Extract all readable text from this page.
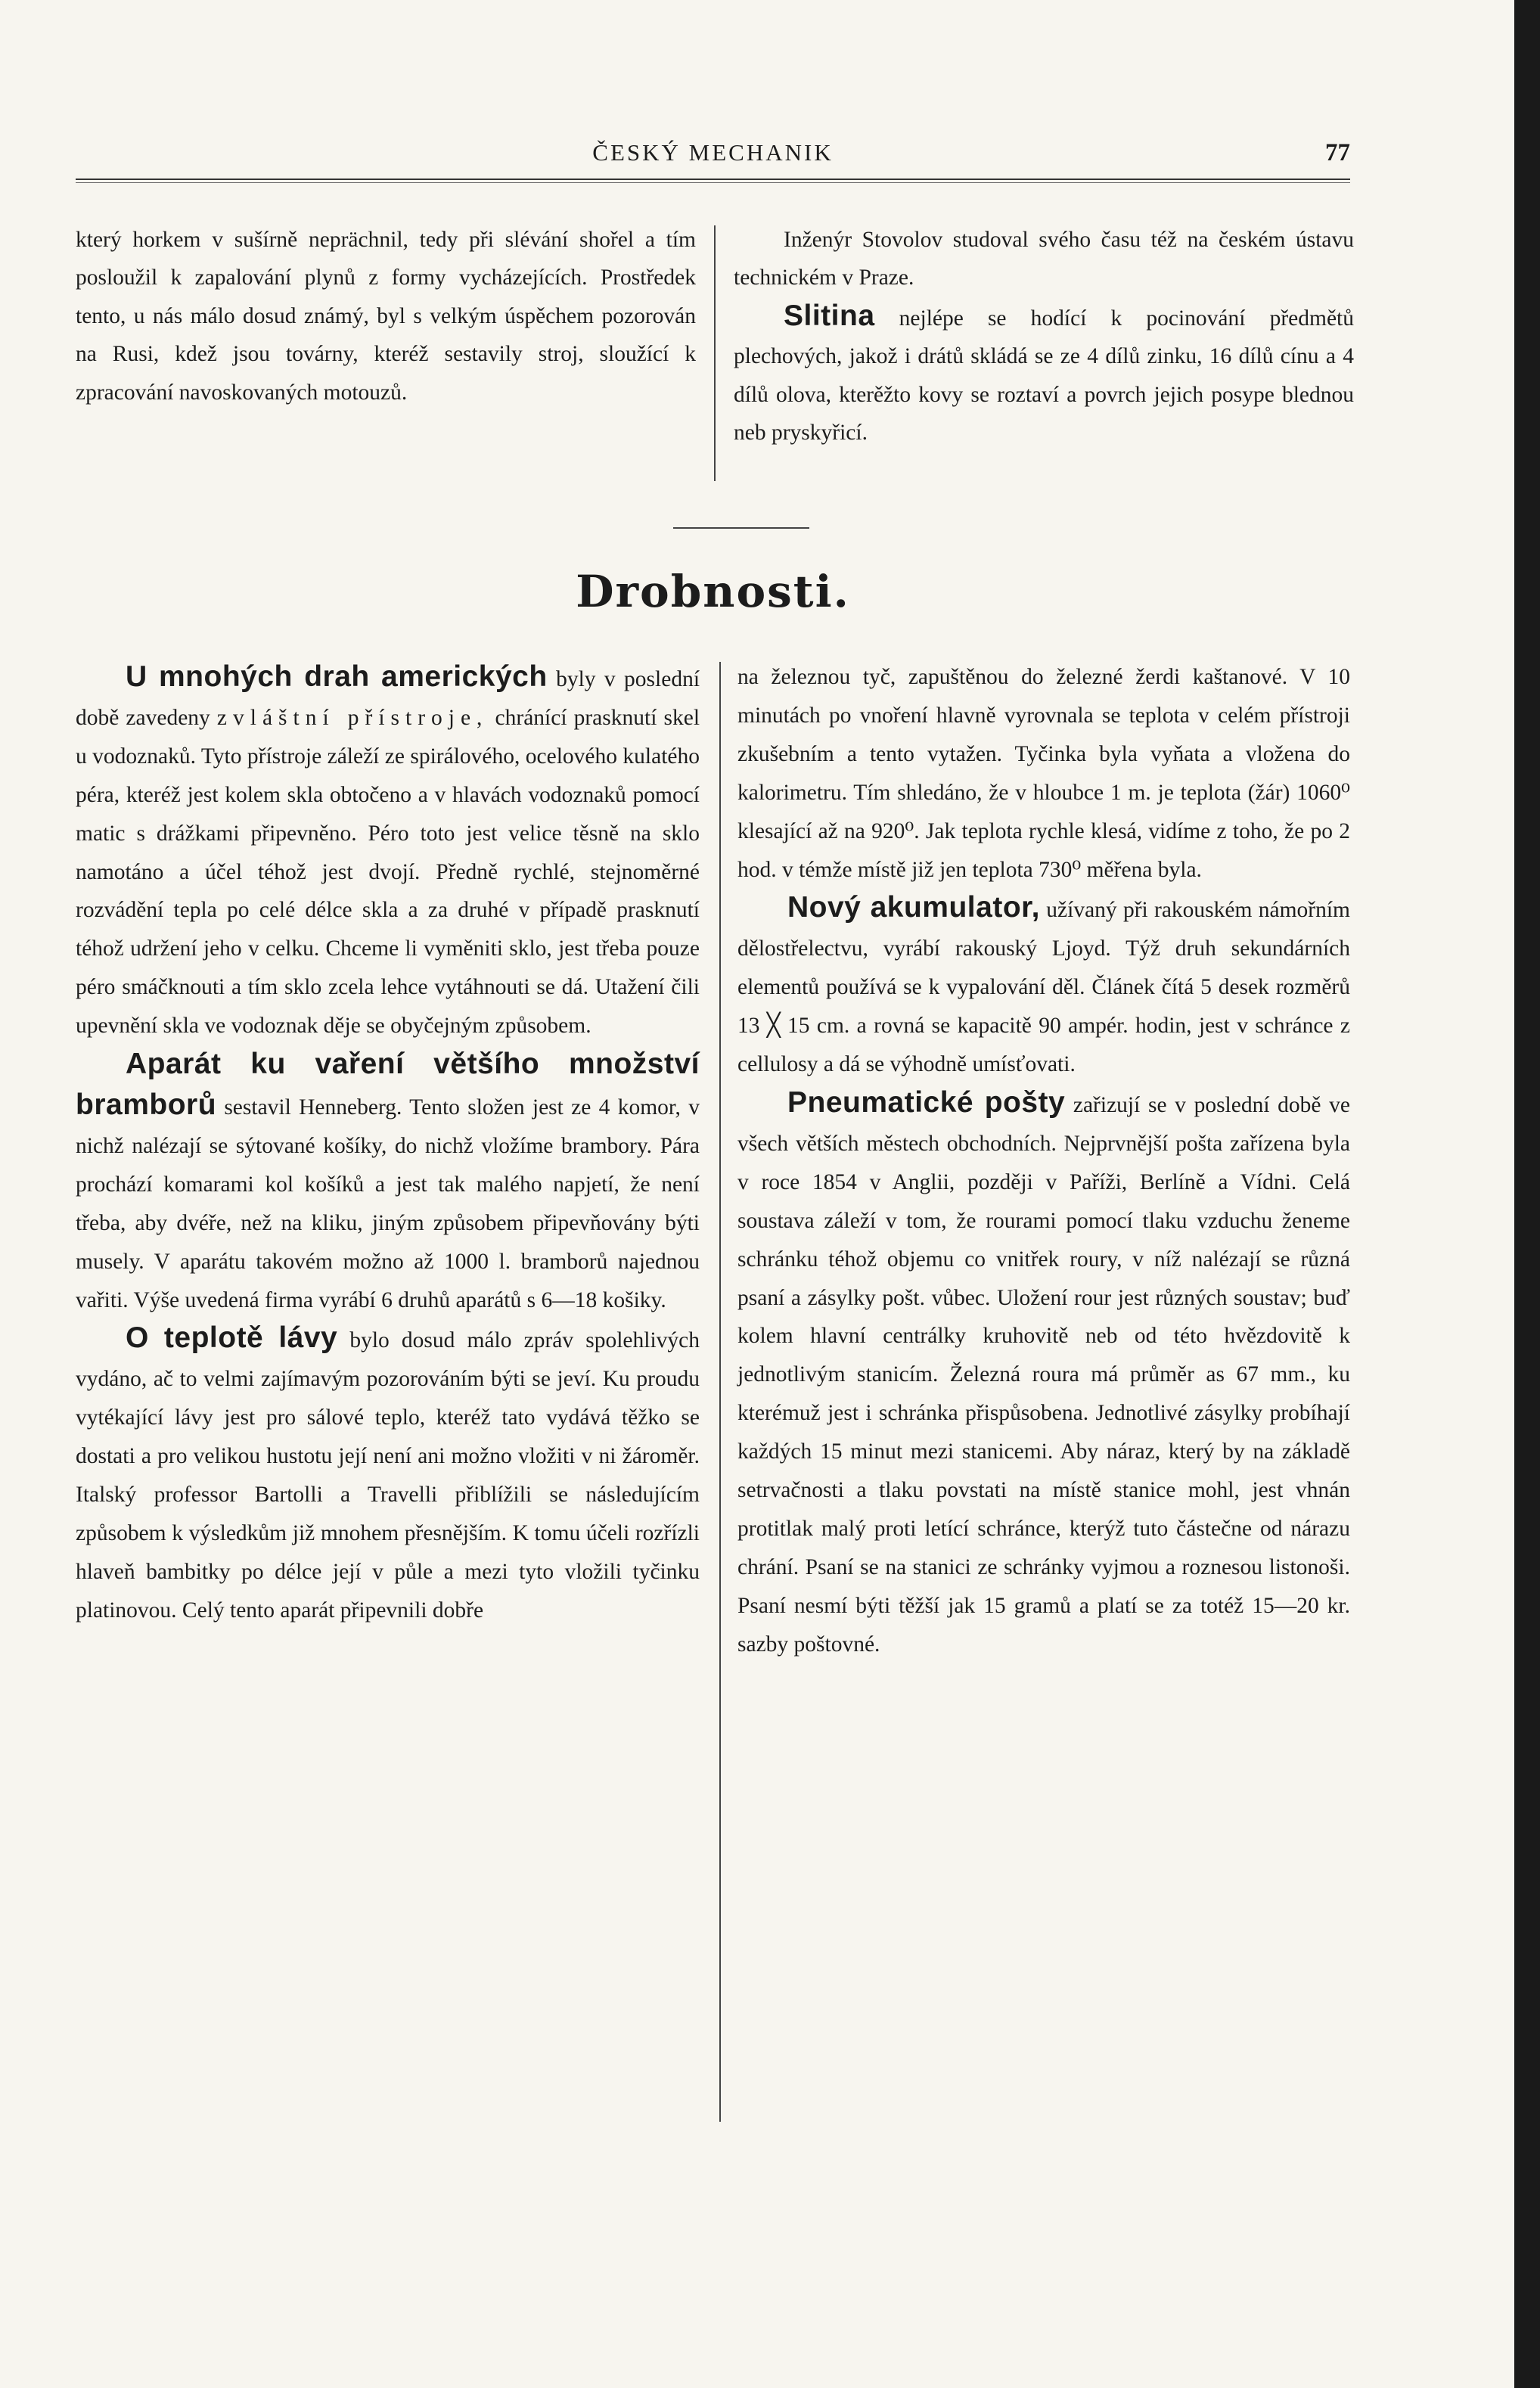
ČESKÝ MECHANIK	77

který horkem v sušírně neprächnil, tedy při slévání shořel a tím posloužil k zapalování plynů z formy vycházejících. Prostředek tento, u nás málo dosud známý, byl s velkým úspěchem pozorován na Rusi, kdež jsou továrny, kteréž sestavily stroj, sloužící k zpracování navoskovaných motouzů.

Inženýr Stovolov studoval svého času též na českém ústavu technickém v Praze.

Slitina nejlépe se hodící k pocinování předmětů plechových, jakož i drátů skládá se ze 4 dílů zinku, 16 dílů cínu a 4 dílů olova, kterěžto kovy se roztaví a povrch jejich posype blednou neb pryskyřicí.

Drobnosti.

U mnohých drah amerických byly v poslední době zavedeny zvláštní přístroje, chránící prasknutí skel u vodoznaků. Tyto přístroje záleží ze spirálového, ocelového kulatého péra, kteréž jest kolem skla obtočeno a v hlavách vodoznaků pomocí matic s drážkami připevněno. Péro toto jest velice těsně na sklo namotáno a účel téhož jest dvojí. Předně rychlé, stejnoměrné rozvádění tepla po celé délce skla a za druhé v případě prasknutí téhož udržení jeho v celku. Chceme li vyměniti sklo, jest třeba pouze péro smáčknouti a tím sklo zcela lehce vytáhnouti se dá. Utažení čili upevnění skla ve vodoznak děje se obyčejným způsobem.

Aparát ku vaření většího množství bramborů sestavil Henneberg. Tento složen jest ze 4 komor, v nichž nalézají se sýtované košíky, do nichž vložíme brambory. Pára prochází komarami kol košíků a jest tak malého napjetí, že není třeba, aby dvéře, než na kliku, jiným způsobem připevňovány býti musely. V aparátu takovém možno až 1000 l. bramborů najednou vařiti. Výše uvedená firma vyrábí 6 druhů aparátů s 6—18 košiky.

O teplotě lávy bylo dosud málo zpráv spolehlivých vydáno, ač to velmi zajímavým pozorováním býti se jeví. Ku proudu vytékající lávy jest pro sálové teplo, kteréž tato vydává těžko se dostati a pro velikou hustotu její není ani možno vložiti v ni žároměr. Italský professor Bartolli a Travelli přiblížili se následujícím způsobem k výsledkům již mnohem přesnějším. K tomu účeli rozřízli hlaveň bambitky po délce její v půle a mezi tyto vložili tyčinku platinovou. Celý tento aparát připevnili dobře

na železnou tyč, zapuštěnou do železné žerdi kaštanové. V 10 minutách po vnoření hlavně vyrovnala se teplota v celém přístroji zkušebním a tento vytažen. Tyčinka byla vyňata a vložena do kalorimetru. Tím shledáno, že v hloubce 1 m. je teplota (žár) 1060⁰ klesající až na 920⁰. Jak teplota rychle klesá, vidíme z toho, že po 2 hod. v témže místě již jen teplota 730⁰ měřena byla.

Nový akumulator, užívaný při rakouském námořním dělostřelectvu, vyrábí rakouský Ljoyd. Týž druh sekundárních elementů používá se k vypalování děl. Článek čítá 5 desek rozměrů 13 ╳ 15 cm. a rovná se kapacitě 90 ampér. hodin, jest v schránce z cellulosy a dá se výhodně umísťovati.

Pneumatické pošty zařizují se v poslední době ve všech větších městech obchodních. Nejprvnější pošta zařízena byla v roce 1854 v Anglii, později v Paříži, Berlíně a Vídni. Celá soustava záleží v tom, že rourami pomocí tlaku vzduchu ženeme schránku téhož objemu co vnitřek roury, v níž nalézají se různá psaní a zásylky pošt. vůbec. Uložení rour jest různých soustav; buď kolem hlavní centrálky kruhovitě neb od této hvězdovitě k jednotlivým stanicím. Železná roura má průměr as 67 mm., ku kterémuž jest i schránka přispůsobena. Jednotlivé zásylky probíhají každých 15 minut mezi stanicemi. Aby náraz, který by na základě setrvačnosti a tlaku povstati na místě stanice mohl, jest vhnán protitlak malý proti letící schránce, kterýž tuto částečne od nárazu chrání. Psaní se na stanici ze schránky vyjmou a roznesou listonoši. Psaní nesmí býti těžší jak 15 gramů a platí se za totéž 15—20 kr. sazby poštovné.
